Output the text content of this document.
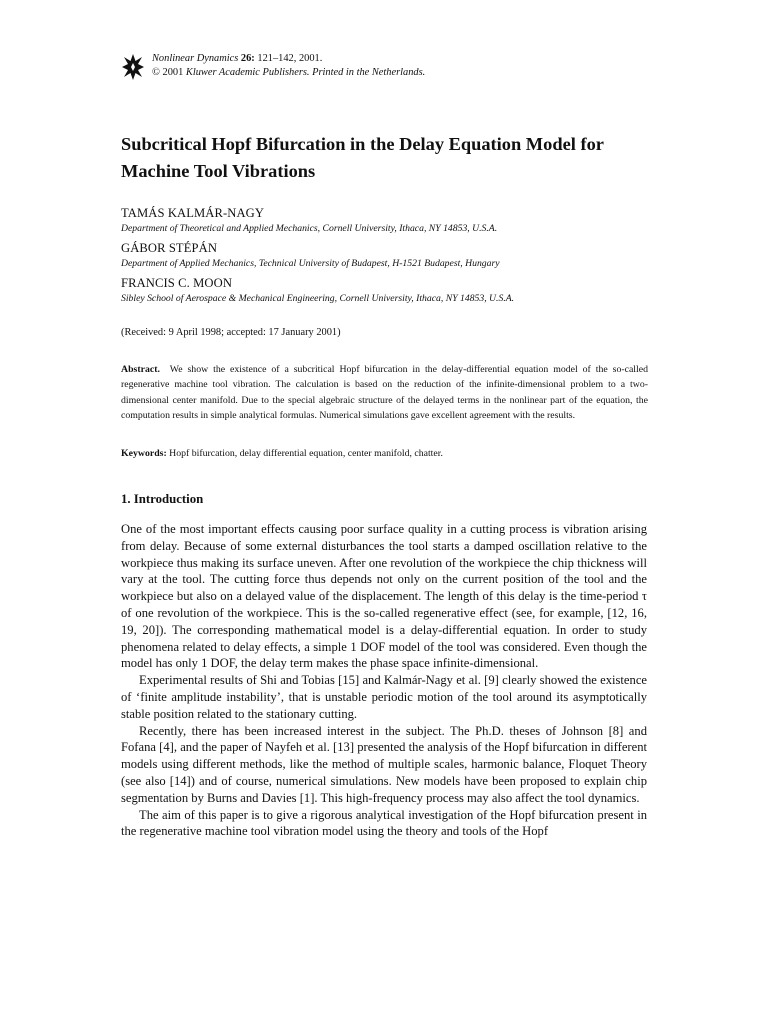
Nonlinear Dynamics 26: 121–142, 2001.
© 2001 Kluwer Academic Publishers. Printed in the Netherlands.
Subcritical Hopf Bifurcation in the Delay Equation Model for Machine Tool Vibrations
TAMÁS KALMÁR-NAGY
Department of Theoretical and Applied Mechanics, Cornell University, Ithaca, NY 14853, U.S.A.
GÁBOR STÉPÁN
Department of Applied Mechanics, Technical University of Budapest, H-1521 Budapest, Hungary
FRANCIS C. MOON
Sibley School of Aerospace & Mechanical Engineering, Cornell University, Ithaca, NY 14853, U.S.A.
(Received: 9 April 1998; accepted: 17 January 2001)

Abstract. We show the existence of a subcritical Hopf bifurcation in the delay-differential equation model of the so-called regenerative machine tool vibration. The calculation is based on the reduction of the infinite-dimensional problem to a two-dimensional center manifold. Due to the special algebraic structure of the delayed terms in the nonlinear part of the equation, the computation results in simple analytical formulas. Numerical simulations gave excellent agreement with the results.

Keywords: Hopf bifurcation, delay differential equation, center manifold, chatter.
1. Introduction

One of the most important effects causing poor surface quality in a cutting process is vibration arising from delay. Because of some external disturbances the tool starts a damped oscillation relative to the workpiece thus making its surface uneven. After one revolution of the workpiece the chip thickness will vary at the tool. The cutting force thus depends not only on the current position of the tool and the workpiece but also on a delayed value of the displacement. The length of this delay is the time-period τ of one revolution of the workpiece. This is the so-called regenerative effect (see, for example, [12, 16, 19, 20]). The corresponding mathematical model is a delay-differential equation. In order to study phenomena related to delay effects, a simple 1 DOF model of the tool was considered. Even though the model has only 1 DOF, the delay term makes the phase space infinite-dimensional.

Experimental results of Shi and Tobias [15] and Kalmár-Nagy et al. [9] clearly showed the existence of ‘finite amplitude instability’, that is unstable periodic motion of the tool around its asymptotically stable position related to the stationary cutting.

Recently, there has been increased interest in the subject. The Ph.D. theses of Johnson [8] and Fofana [4], and the paper of Nayfeh et al. [13] presented the analysis of the Hopf bifurcation in different models using different methods, like the method of multiple scales, harmonic balance, Floquet Theory (see also [14]) and of course, numerical simulations. New models have been proposed to explain chip segmentation by Burns and Davies [1]. This high-frequency process may also affect the tool dynamics.

The aim of this paper is to give a rigorous analytical investigation of the Hopf bifurcation present in the regenerative machine tool vibration model using the theory and tools of the Hopf
